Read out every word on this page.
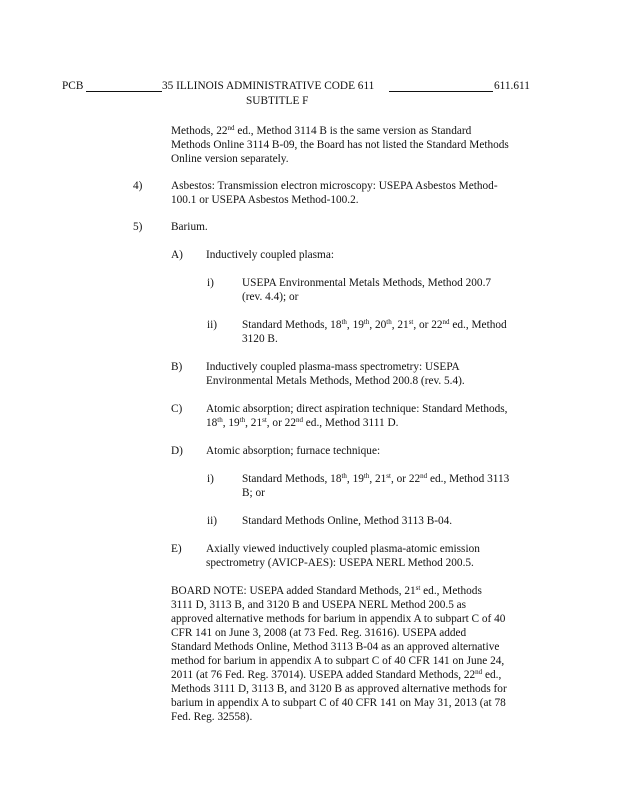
PCB	35 ILLINOIS ADMINISTRATIVE CODE 611	611.611
SUBTITLE F
Methods, 22nd ed., Method 3114 B is the same version as Standard
Methods Online 3114 B-09, the Board has not listed the Standard Methods
Online version separately.
4)	Asbestos: Transmission electron microscopy: USEPA Asbestos Method-
100.1 or USEPA Asbestos Method-100.2.
5)	Barium.
A) Inductively coupled plasma:
i) USEPA Environmental Metals Methods, Method 200.7
(rev. 4.4); or
ii) Standard Methods, 18th, 19th, 20th, 21st, or 22nd ed., Method
3120 B.
B) Inductively coupled plasma-mass spectrometry: USEPA
Environmental Metals Methods, Method 200.8 (rev. 5.4).
C) Atomic absorption; direct aspiration technique: Standard Methods,
18th, 19th, 21st, or 22nd ed., Method 3111 D.
D) Atomic absorption; furnace technique:
i) Standard Methods, 18th, 19th, 21st, or 22nd ed., Method 3113
B; or
ii) Standard Methods Online, Method 3113 B-04.
E) Axially viewed inductively coupled plasma-atomic emission
spectrometry (AVICP-AES): USEPA NERL Method 200.5.
BOARD NOTE: USEPA added Standard Methods, 21st ed., Methods
3111 D, 3113 B, and 3120 B and USEPA NERL Method 200.5 as
approved alternative methods for barium in appendix A to subpart C of 40
CFR 141 on June 3, 2008 (at 73 Fed. Reg. 31616). USEPA added
Standard Methods Online, Method 3113 B-04 as an approved alternative
method for barium in appendix A to subpart C of 40 CFR 141 on June 24,
2011 (at 76 Fed. Reg. 37014). USEPA added Standard Methods, 22nd ed.,
Methods 3111 D, 3113 B, and 3120 B as approved alternative methods for
barium in appendix A to subpart C of 40 CFR 141 on May 31, 2013 (at 78
Fed. Reg. 32558).
